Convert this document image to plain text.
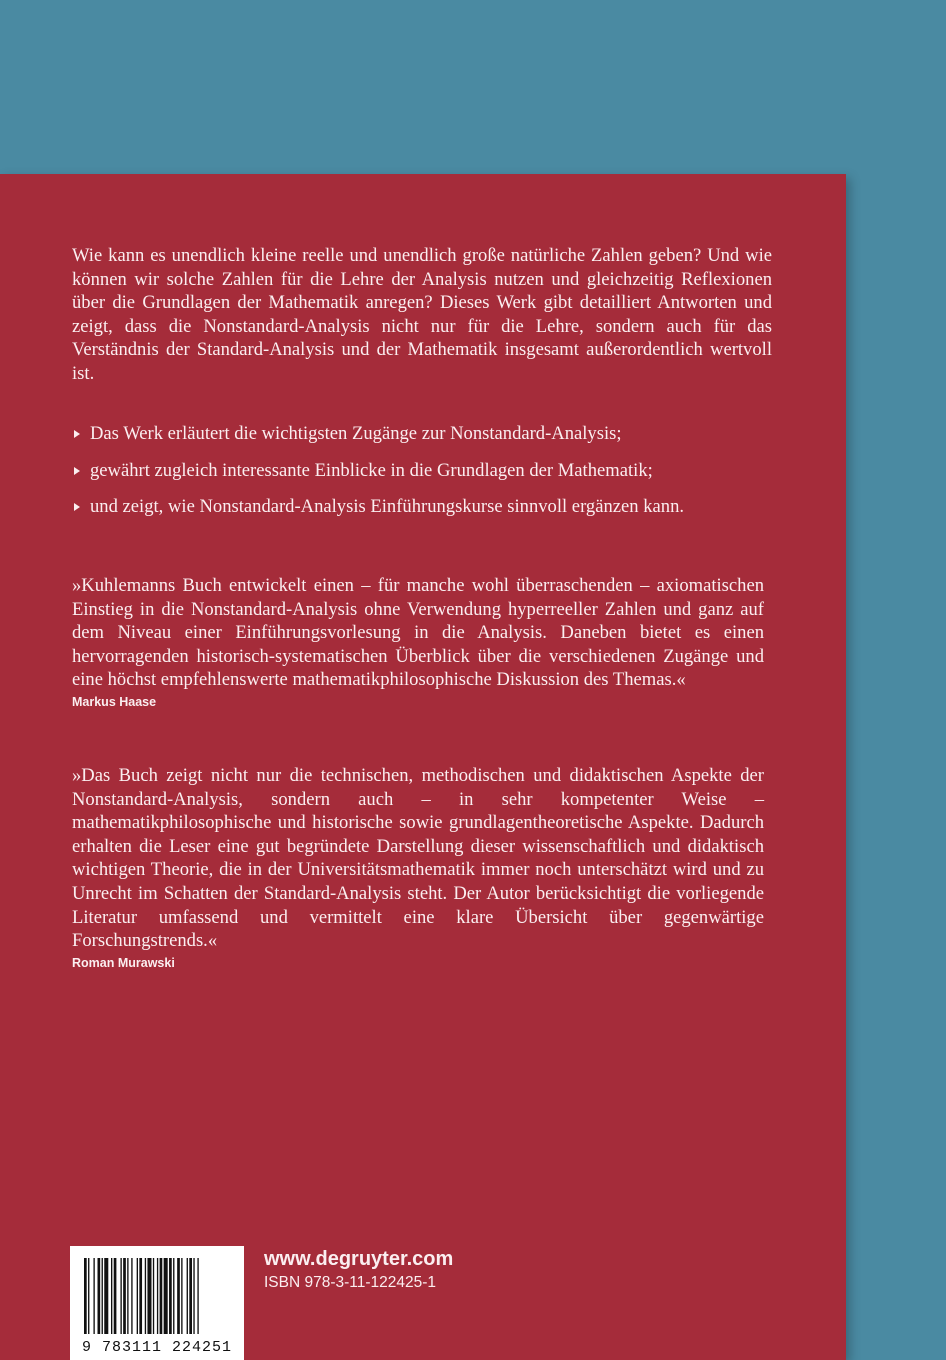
Wie kann es unendlich kleine reelle und unendlich große natürliche Zahlen geben? Und wie können wir solche Zahlen für die Lehre der Analysis nutzen und gleichzeitig Reflexionen über die Grundlagen der Mathematik anregen? Dieses Werk gibt detailliert Antworten und zeigt, dass die Nonstandard-Analysis nicht nur für die Lehre, sondern auch für das Verständnis der Standard-Analysis und der Mathematik insgesamt außerordentlich wertvoll ist.

Das Werk erläutert die wichtigsten Zugänge zur Nonstandard-Analysis;
gewährt zugleich interessante Einblicke in die Grundlagen der Mathematik;
und zeigt, wie Nonstandard-Analysis Einführungskurse sinnvoll ergänzen kann.

»Kuhlemanns Buch entwickelt einen – für manche wohl überraschenden – axiomatischen Einstieg in die Nonstandard-Analysis ohne Verwendung hyperreeller Zahlen und ganz auf dem Niveau einer Einführungsvorlesung in die Analysis. Daneben bietet es einen hervorragenden historisch-systematischen Überblick über die verschiedenen Zugänge und eine höchst empfehlenswerte mathematikphilosophische Diskussion des Themas.«

Markus Haase

»Das Buch zeigt nicht nur die technischen, methodischen und didaktischen Aspekte der Nonstandard-Analysis, sondern auch – in sehr kompetenter Weise – mathematikphilosophische und historische sowie grundlagentheoretische Aspekte. Dadurch erhalten die Leser eine gut begründete Darstellung dieser wissenschaftlich und didaktisch wichtigen Theorie, die in der Universitätsmathematik immer noch unterschätzt wird und zu Unrecht im Schatten der Standard-Analysis steht. Der Autor berücksichtigt die vorliegende Literatur umfassend und vermittelt eine klare Übersicht über gegenwärtige Forschungstrends.«

Roman Murawski
9 783111 224251
www.degruyter.com
ISBN 978-3-11-122425-1
